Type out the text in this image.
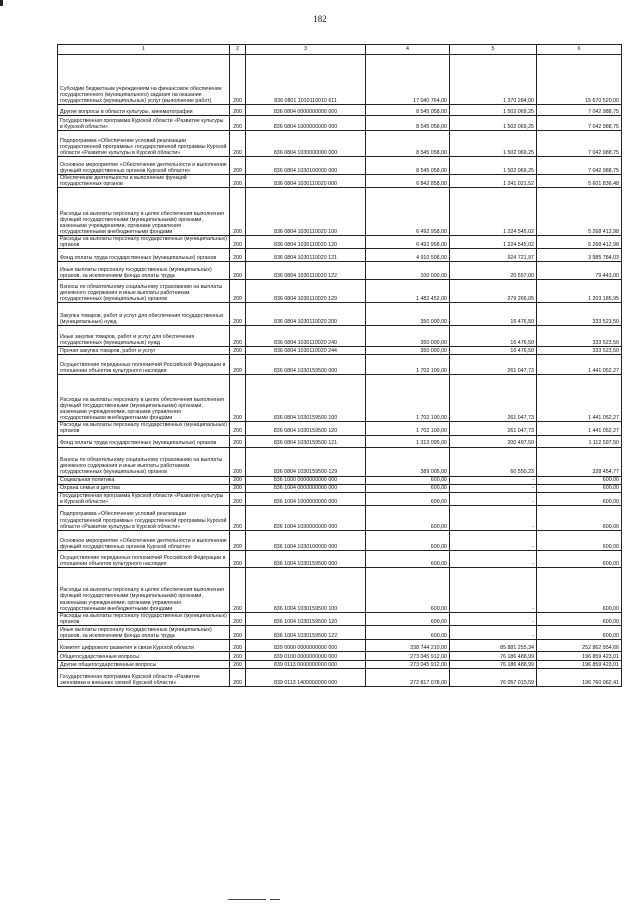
182
1	2	3	4	5	6
Субсидии бюджетным учреждениям на финансовое обеспечение государственного (муниципального) задания на оказание государственных (муниципальных) услуг (выполнение работ)	200	836 0801 1010110010 611	17 040 764,00	1 370 284,00	15 670 520,00
Другие вопросы в области культуры, кинематографии	200	836 0804 0000000000 000	8 545 058,00	1 502 069,25	7 042 988,75
Государственная программа Курской области «Развитие культуры в Курской области»	200	836 0804 1000000000 000	8 545 058,00	1 502 069,25	7 042 988,75
Подпрограмма «Обеспечение условий реализации государственной программы» государственной программы Курской области «Развитие культуры в Курской области»	200	836 0804 1030000000 000	8 545 058,00	1 502 069,25	7 042 988,75
Основное мероприятие «Обеспечение деятельности и выполнение функций государственных органов Курской области»	200	836 0804 1030100000 000	8 545 058,00	1 502 069,25	7 042 988,75
Обеспечение деятельности и выполнение функций государственных органов	200	836 0804 1030110020 000	6 842 858,00	1 241 021,52	5 601 836,48
Расходы на выплаты персоналу в целях обеспечения выполнения функций государственными (муниципальными) органами, казенными учреждениями, органами управления государственными внебюджетными фондами	200	836 0804 1030110020 100	6 492 958,00	1 224 545,02	5 268 412,98
Расходы на выплаты персоналу государственных (муниципальных) органов	200	836 0804 1030110020 120	6 492 958,00	1 224 545,02	5 268 412,98
Фонд оплаты труда государственных (муниципальных) органов	200	836 0804 1030110020 121	4 910 506,00	924 721,97	3 985 784,03
Иные выплаты персоналу государственных (муниципальных) органов, за исключением фонда оплаты труда	200	836 0804 1030110020 122	100 000,00	20 557,00	79 443,00
Взносы по обязательному социальному страхованию на выплаты денежного содержания и иные выплаты работникам государственных (муниципальных) органов	200	836 0804 1030110020 129	1 482 452,00	279 266,05	1 203 185,95
Закупка товаров, работ и услуг для обеспечения государственных (муниципальных) нужд	200	836 0804 1030110020 200	350 000,00	16 476,50	333 523,50
Иные закупки товаров, работ и услуг для обеспечения государственных (муниципальных) нужд	200	836 0804 1030110020 240	350 000,00	16 476,50	333 523,50
Прочая закупка товаров, работ и услуг	200	836 0804 1030110020 244	350 000,00	16 476,50	333 523,50
Осуществление переданных полномочий Российской Федерации в отношении объектов культурного наследия	200	836 0804 1030159500 000	1 702 100,00	261 047,73	1 441 052,27
Расходы на выплаты персоналу в целях обеспечения выполнения функций государственными (муниципальными) органами, казенными учреждениями, органами управления государственными внебюджетными фондами	200	836 0804 1030159500 100	1 702 100,00	261 047,73	1 441 052,27
Расходы на выплаты персоналу государственных (муниципальных) органов	200	836 0804 1030159500 120	1 702 100,00	261 047,73	1 441 052,27
Фонд оплаты труда государственных (муниципальных) органов	200	836 0804 1030159500 121	1 313 095,00	200 497,50	1 112 597,50
Взносы по обязательному социальному страхованию на выплаты денежного содержания и иные выплаты работникам государственных (муниципальных) органов	200	836 0804 1030159500 129	389 005,00	60 550,23	328 454,77
Социальная политика	200	836 1000 0000000000 000	600,00	-	600,00
Охрана семьи и детства	200	836 1004 0000000000 000	600,00	-	600,00
Государственная программа Курской области «Развитие культуры в Курской области»	200	836 1004 1000000000 000	600,00	-	600,00
Подпрограмма «Обеспечение условий реализации государственной программы» государственной программы Курской области «Развитие культуры в Курской области»	200	836 1004 1030000000 000	600,00	-	600,00
Основное мероприятие «Обеспечение деятельности и выполнение функций государственных органов Курской области»	200	836 1004 1030100000 000	600,00	-	600,00
Осуществление переданных полномочий Российской Федерации в отношении объектов культурного наследия	200	836 1004 1030159500 000	600,00	-	600,00
Расходы на выплаты персоналу в целях обеспечения выполнения функций государственными (муниципальными) органами, казенными учреждениями, органами управления государственными внебюджетными фондами	200	836 1004 1030159500 100	600,00	-	600,00
Расходы на выплаты персоналу государственных (муниципальных) органов	200	836 1004 1030159500 120	600,00	-	600,00
Иные выплаты персоналу государственных (муниципальных) органов, за исключением фонда оплаты труда	200	836 1004 1030159500 122	600,00	-	600,00
Комитет цифрового развития и связи Курской области	200	839 0000 0000000000 000	338 744 210,00	85 881 255,34	252 862 954,66
Общегосударственные вопросы	200	839 0100 0000000000 000	273 045 912,00	76 186 488,99	196 859 423,01
Другие общегосударственные вопросы	200	839 0113 0000000000 000	273 045 912,00	76 186 488,99	196 859 423,01
Государственная программа Курской области «Развитие экономики и внешних связей Курской области»	200	839 0113 1400000000 000	272 817 078,00	76 057 015,59	196 760 062,41
